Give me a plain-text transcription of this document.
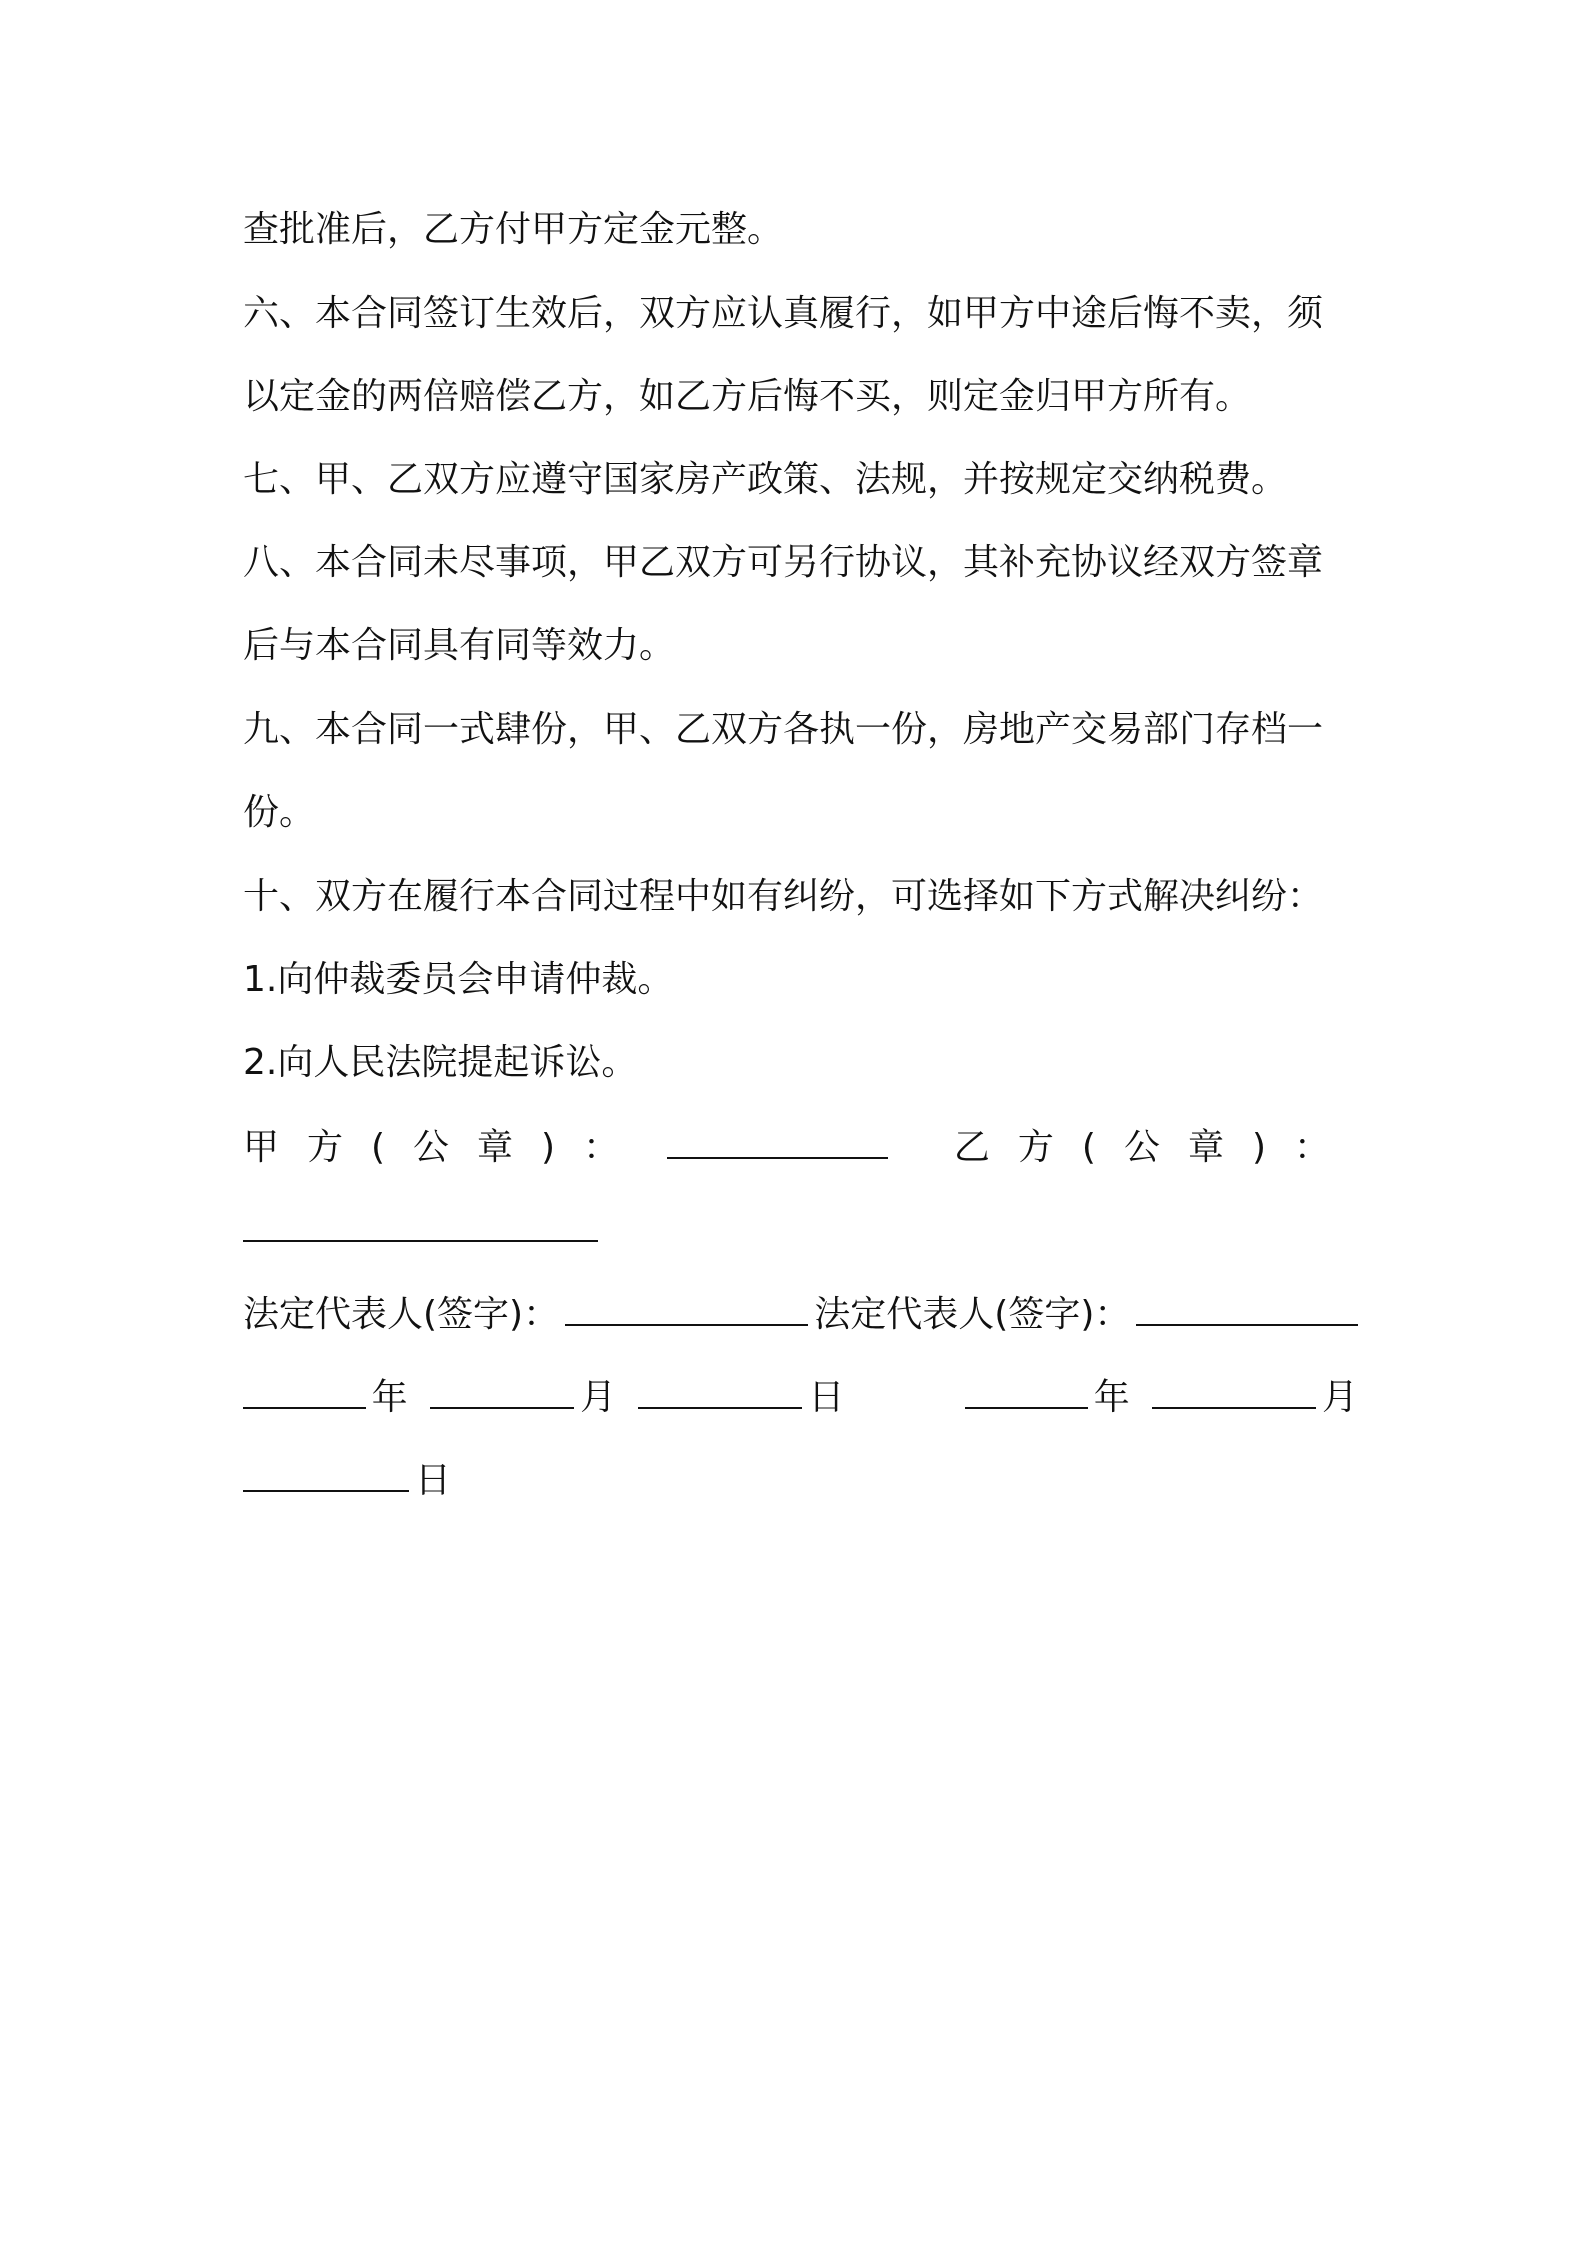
查批准后，乙方付甲方定金元整。
六、本合同签订生效后，双方应认真履行，如甲方中途后悔不卖，须
以定金的两倍赔偿乙方，如乙方后悔不买，则定金归甲方所有。
七、甲、乙双方应遵守国家房产政策、法规，并按规定交纳税费。
八、本合同未尽事项，甲乙双方可另行协议，其补充协议经双方签章
后与本合同具有同等效力。
九、本合同一式肆份，甲、乙双方各执一份，房地产交易部门存档一
份。
十、双方在履行本合同过程中如有纠纷，可选择如下方式解决纠纷：
1.向仲裁委员会申请仲裁。
2.向人民法院提起诉讼。
甲方(公章)：	乙方(公章)：
法定代表人(签字)：	法定代表人(签字)：
年	月	日	年	月
日
